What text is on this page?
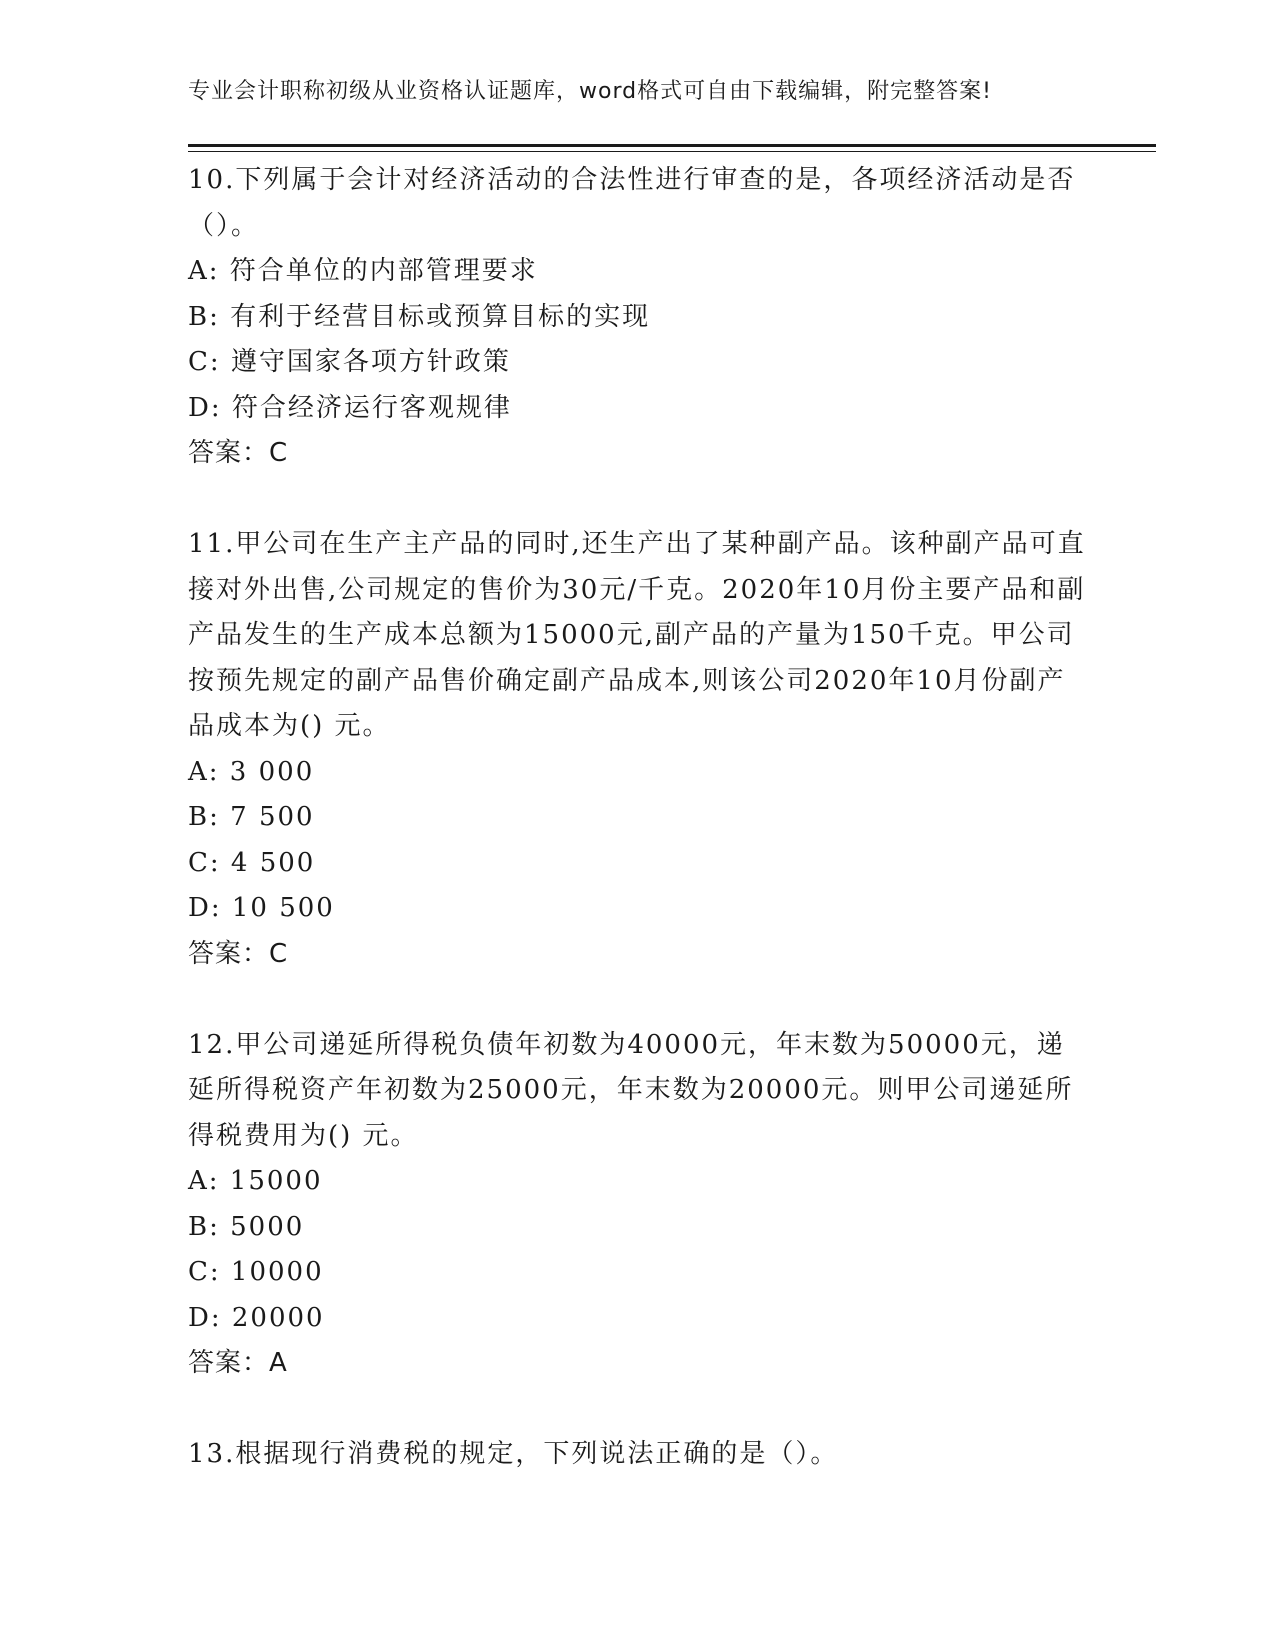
专业会计职称初级从业资格认证题库，word格式可自由下载编辑，附完整答案!

10.下列属于会计对经济活动的合法性进行审查的是，各项经济活动是否（）。

A: 符合单位的内部管理要求

B: 有利于经营目标或预算目标的实现

C: 遵守国家各项方针政策

D: 符合经济运行客观规律

答案：C

11.甲公司在生产主产品的同时,还生产出了某种副产品。该种副产品可直接对外出售,公司规定的售价为30元/千克。2020年10月份主要产品和副产品发生的生产成本总额为15000元,副产品的产量为150千克。甲公司按预先规定的副产品售价确定副产品成本,则该公司2020年10月份副产品成本为() 元。

A: 3 000

B: 7 500

C: 4 500

D: 10 500

答案：C

12.甲公司递延所得税负债年初数为40000元，年末数为50000元，递延所得税资产年初数为25000元，年末数为20000元。则甲公司递延所得税费用为() 元。

A: 15000

B: 5000

C: 10000

D: 20000

答案：A

13.根据现行消费税的规定，下列说法正确的是（）。
